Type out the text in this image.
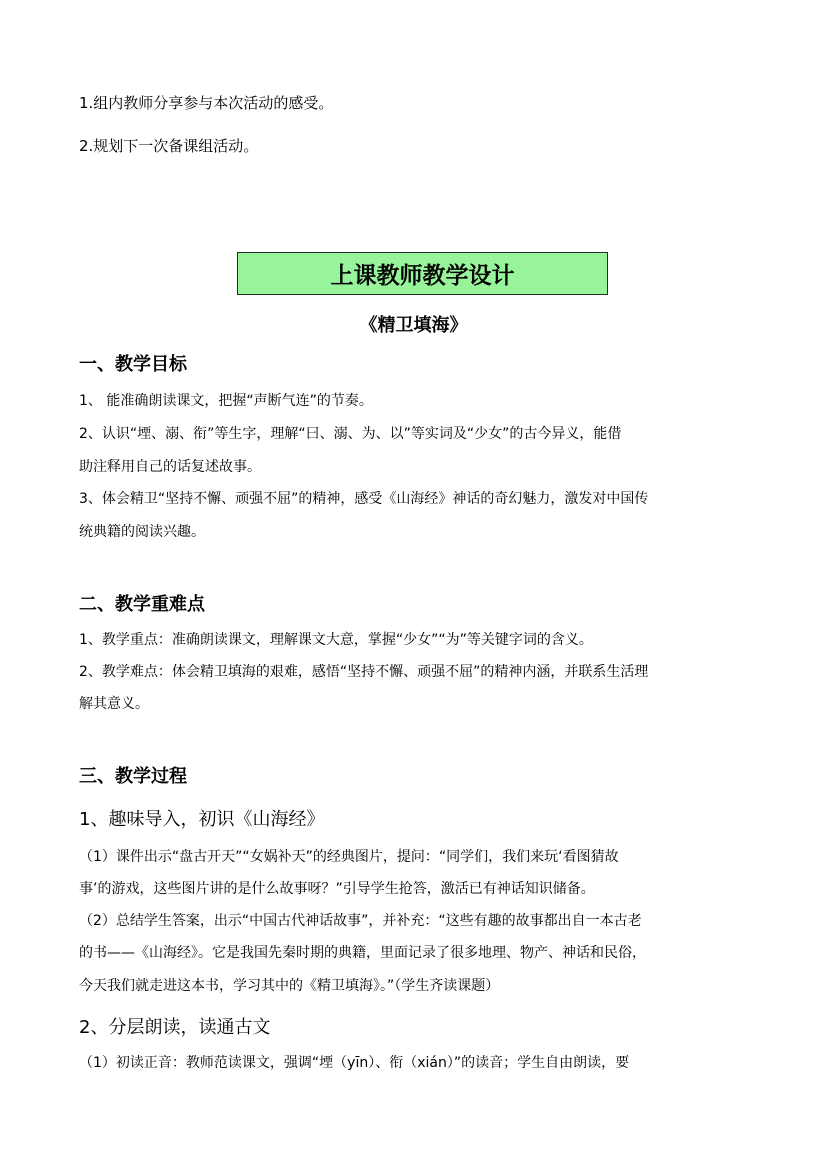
1.组内教师分享参与本次活动的感受。
2.规划下一次备课组活动。
上课教师教学设计
《精卫填海》
一、教学目标
1、 能准确朗读课文，把握“声断气连”的节奏。
2、认识“堙、溺、衔”等生字，理解“曰、溺、为、以”等实词及“少女”的古今异义，能借
助注释用自己的话复述故事。
3、体会精卫“坚持不懈、顽强不屈”的精神，感受《山海经》神话的奇幻魅力，激发对中国传
统典籍的阅读兴趣。
二、教学重难点
1、教学重点：准确朗读课文，理解课文大意，掌握“少女”“为”等关键字词的含义。
2、教学难点：体会精卫填海的艰难，感悟“坚持不懈、顽强不屈”的精神内涵，并联系生活理
解其意义。
三、教学过程
1、趣味导入，初识《山海经》
（1）课件出示“盘古开天”“女娲补天”的经典图片，提问：“同学们，我们来玩‘看图猜故
事’的游戏，这些图片讲的是什么故事呀？”引导学生抢答，激活已有神话知识储备。
（2）总结学生答案，出示“中国古代神话故事”，并补充：“这些有趣的故事都出自一本古老
的书——《山海经》。它是我国先秦时期的典籍，里面记录了很多地理、物产、神话和民俗，
今天我们就走进这本书，学习其中的《精卫填海》。”（学生齐读课题）
2、分层朗读，读通古文
（1）初读正音：教师范读课文，强调“堙（yīn）、衔（xián）”的读音；学生自由朗读，要
